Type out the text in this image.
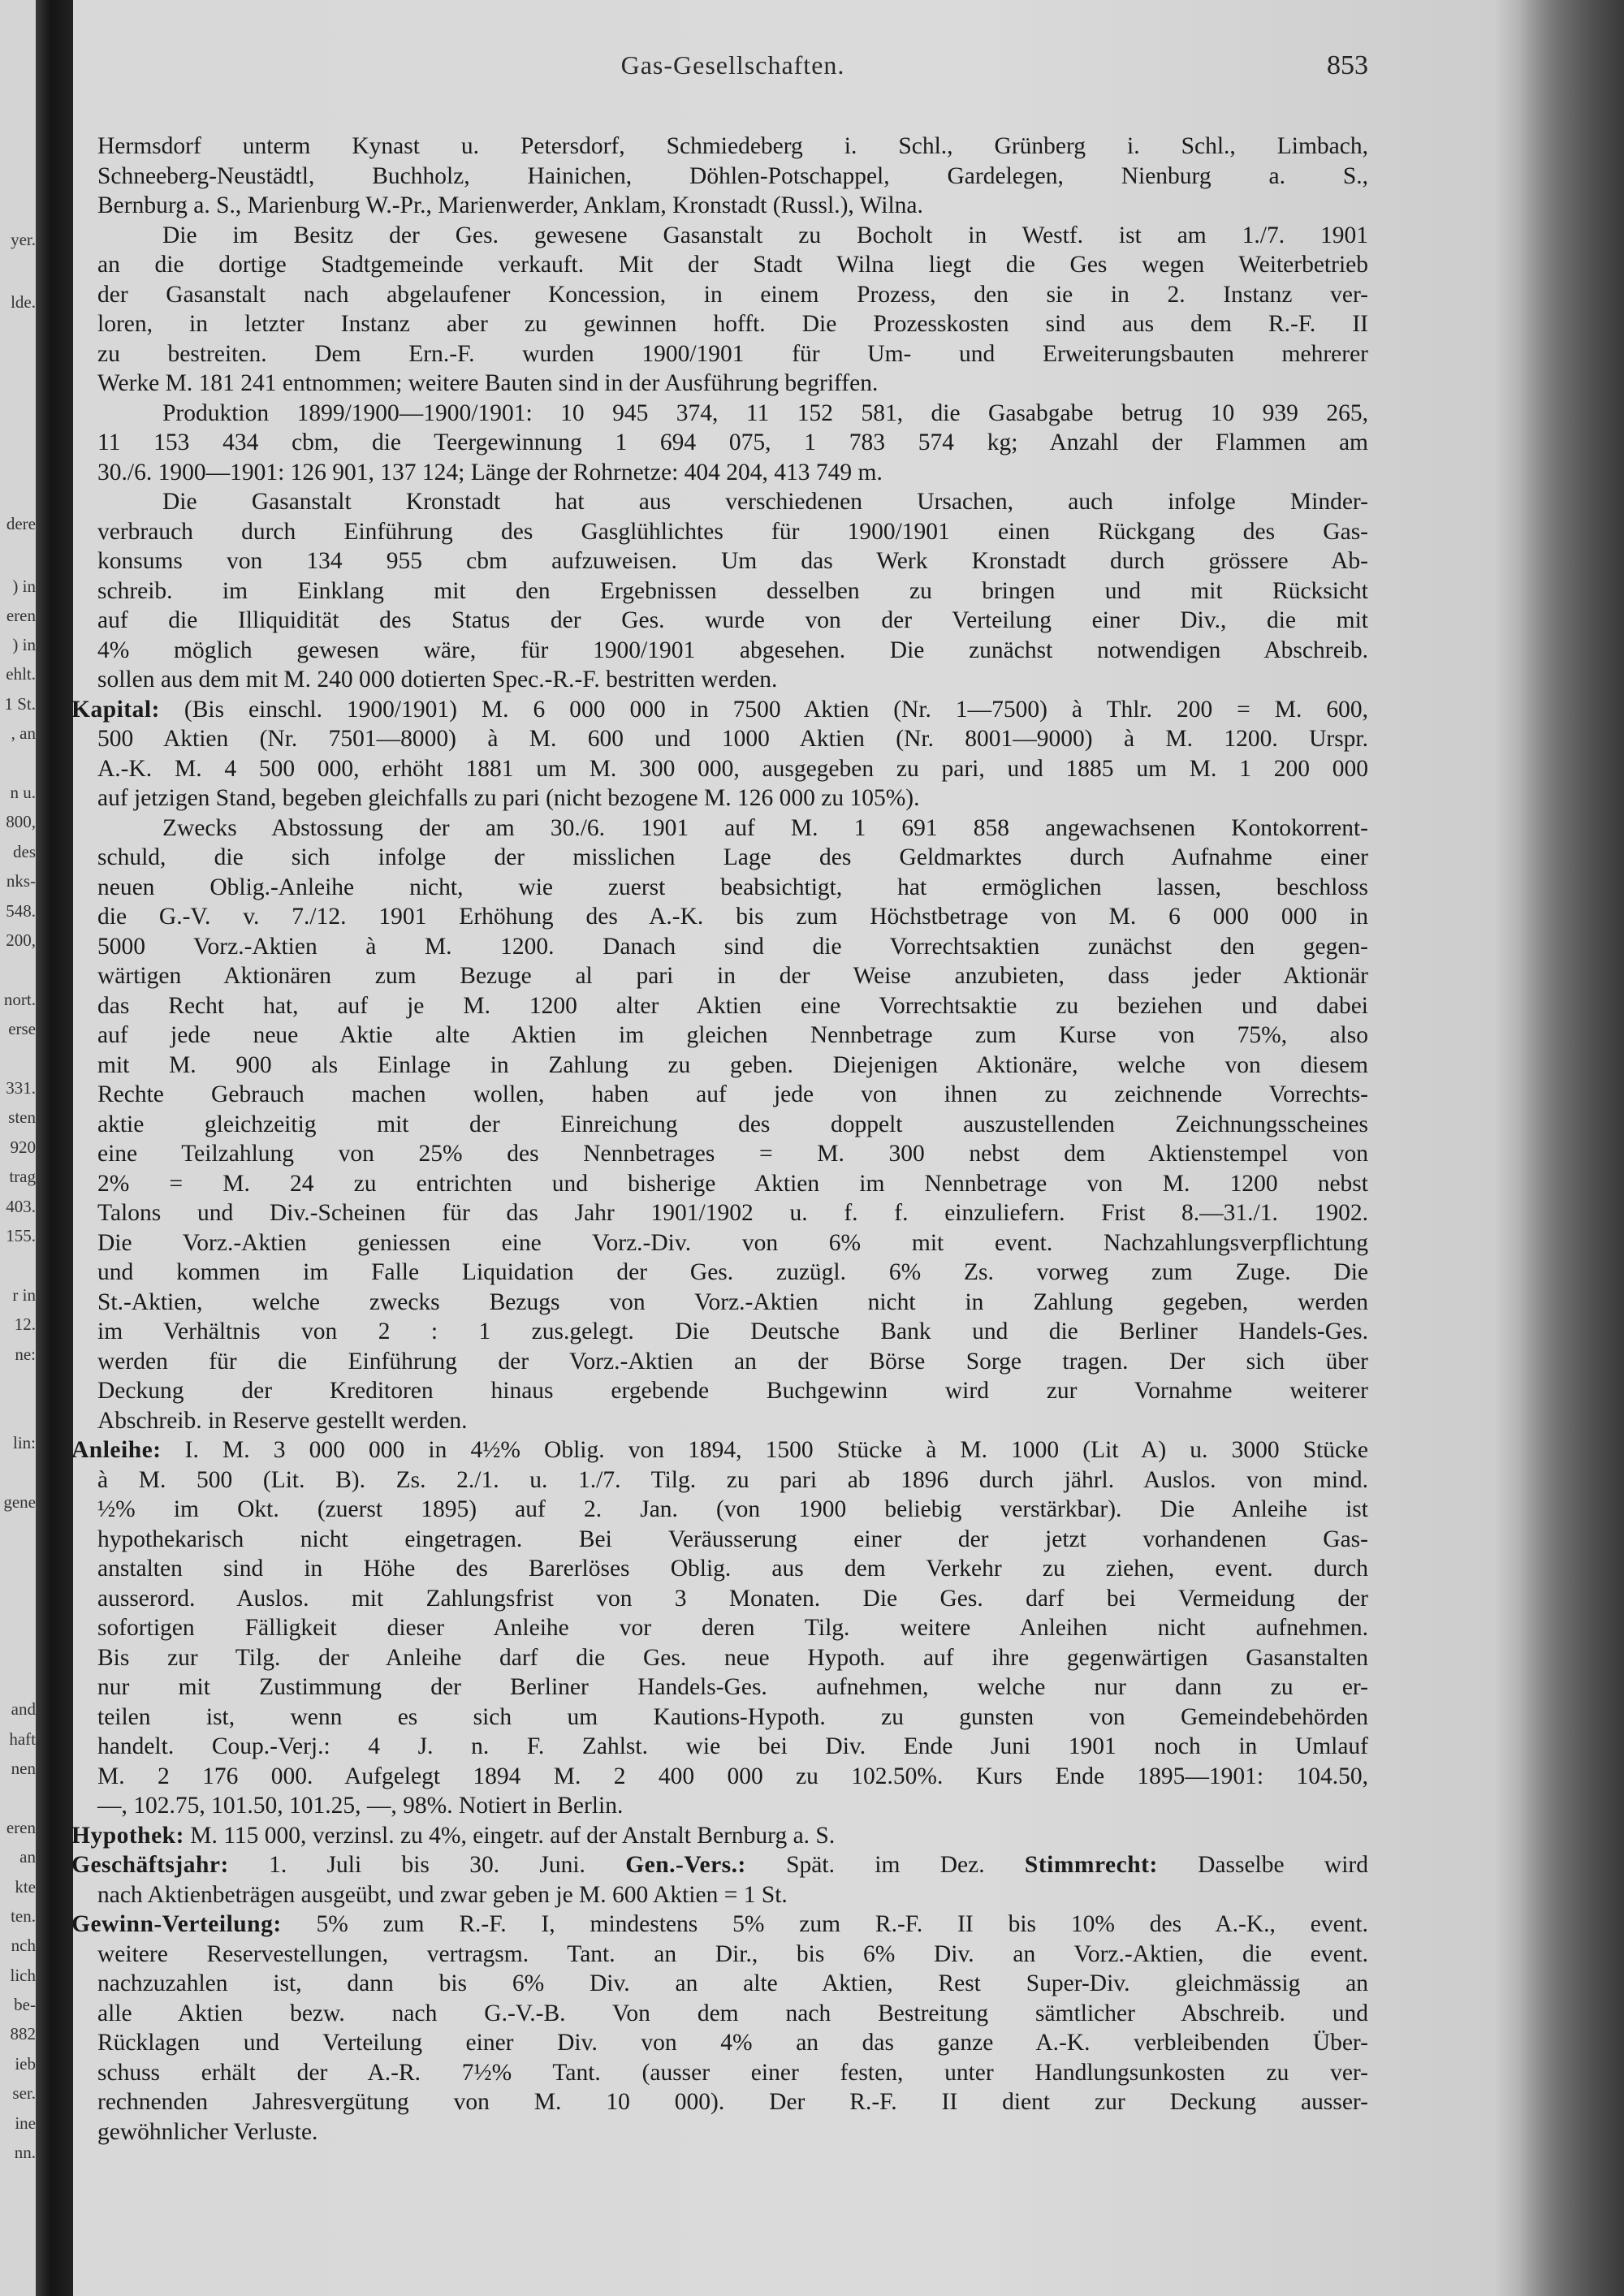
yer.
lde.
dere
) in
eren
) in
ehlt.
1 St.
, an
n u.
800,
des
nks-
548.
200,
nort.
erse
331.
sten
920
trag
403.
155.
r in
12.
ne:
lin:
gene
and
haft
nen
eren
an
kte
ten.
nch
lich
be-
882
ieb
ser.
ine
nn.
Gas-Gesellschaften.	853
Hermsdorf unterm Kynast u. Petersdorf, Schmiedeberg i. Schl., Grünberg i. Schl., Limbach,
Schneeberg-Neustädtl, Buchholz, Hainichen, Döhlen-Potschappel, Gardelegen, Nienburg a. S.,
Bernburg a. S., Marienburg W.-Pr., Marienwerder, Anklam, Kronstadt (Russl.), Wilna.
Die im Besitz der Ges. gewesene Gasanstalt zu Bocholt in Westf. ist am 1./7. 1901
an die dortige Stadtgemeinde verkauft. Mit der Stadt Wilna liegt die Ges wegen Weiterbetrieb
der Gasanstalt nach abgelaufener Koncession, in einem Prozess, den sie in 2. Instanz ver-
loren, in letzter Instanz aber zu gewinnen hofft. Die Prozesskosten sind aus dem R.-F. II
zu bestreiten. Dem Ern.-F. wurden 1900/1901 für Um- und Erweiterungsbauten mehrerer
Werke M. 181 241 entnommen; weitere Bauten sind in der Ausführung begriffen.
Produktion 1899/1900—1900/1901: 10 945 374, 11 152 581, die Gasabgabe betrug 10 939 265,
11 153 434 cbm, die Teergewinnung 1 694 075, 1 783 574 kg; Anzahl der Flammen am
30./6. 1900—1901: 126 901, 137 124; Länge der Rohrnetze: 404 204, 413 749 m.
Die Gasanstalt Kronstadt hat aus verschiedenen Ursachen, auch infolge Minder-
verbrauch durch Einführung des Gasglühlichtes für 1900/1901 einen Rückgang des Gas-
konsums von 134 955 cbm aufzuweisen. Um das Werk Kronstadt durch grössere Ab-
schreib. im Einklang mit den Ergebnissen desselben zu bringen und mit Rücksicht
auf die Illiquidität des Status der Ges. wurde von der Verteilung einer Div., die mit
4% möglich gewesen wäre, für 1900/1901 abgesehen. Die zunächst notwendigen Abschreib.
sollen aus dem mit M. 240 000 dotierten Spec.-R.-F. bestritten werden.
Kapital: (Bis einschl. 1900/1901) M. 6 000 000 in 7500 Aktien (Nr. 1—7500) à Thlr. 200 = M. 600,
500 Aktien (Nr. 7501—8000) à M. 600 und 1000 Aktien (Nr. 8001—9000) à M. 1200. Urspr.
A.-K. M. 4 500 000, erhöht 1881 um M. 300 000, ausgegeben zu pari, und 1885 um M. 1 200 000
auf jetzigen Stand, begeben gleichfalls zu pari (nicht bezogene M. 126 000 zu 105%).
Zwecks Abstossung der am 30./6. 1901 auf M. 1 691 858 angewachsenen Kontokorrent-
schuld, die sich infolge der misslichen Lage des Geldmarktes durch Aufnahme einer
neuen Oblig.-Anleihe nicht, wie zuerst beabsichtigt, hat ermöglichen lassen, beschloss
die G.-V. v. 7./12. 1901 Erhöhung des A.-K. bis zum Höchstbetrage von M. 6 000 000 in
5000 Vorz.-Aktien à M. 1200. Danach sind die Vorrechtsaktien zunächst den gegen-
wärtigen Aktionären zum Bezuge al pari in der Weise anzubieten, dass jeder Aktionär
das Recht hat, auf je M. 1200 alter Aktien eine Vorrechtsaktie zu beziehen und dabei
auf jede neue Aktie alte Aktien im gleichen Nennbetrage zum Kurse von 75%, also
mit M. 900 als Einlage in Zahlung zu geben. Diejenigen Aktionäre, welche von diesem
Rechte Gebrauch machen wollen, haben auf jede von ihnen zu zeichnende Vorrechts-
aktie gleichzeitig mit der Einreichung des doppelt auszustellenden Zeichnungsscheines
eine Teilzahlung von 25% des Nennbetrages = M. 300 nebst dem Aktienstempel von
2% = M. 24 zu entrichten und bisherige Aktien im Nennbetrage von M. 1200 nebst
Talons und Div.-Scheinen für das Jahr 1901/1902 u. f. f. einzuliefern. Frist 8.—31./1. 1902.
Die Vorz.-Aktien geniessen eine Vorz.-Div. von 6% mit event. Nachzahlungsverpflichtung
und kommen im Falle Liquidation der Ges. zuzügl. 6% Zs. vorweg zum Zuge. Die
St.-Aktien, welche zwecks Bezugs von Vorz.-Aktien nicht in Zahlung gegeben, werden
im Verhältnis von 2 : 1 zus.gelegt. Die Deutsche Bank und die Berliner Handels-Ges.
werden für die Einführung der Vorz.-Aktien an der Börse Sorge tragen. Der sich über
Deckung der Kreditoren hinaus ergebende Buchgewinn wird zur Vornahme weiterer
Abschreib. in Reserve gestellt werden.
Anleihe: I. M. 3 000 000 in 4½% Oblig. von 1894, 1500 Stücke à M. 1000 (Lit A) u. 3000 Stücke
à M. 500 (Lit. B). Zs. 2./1. u. 1./7. Tilg. zu pari ab 1896 durch jährl. Auslos. von mind.
½% im Okt. (zuerst 1895) auf 2. Jan. (von 1900 beliebig verstärkbar). Die Anleihe ist
hypothekarisch nicht eingetragen. Bei Veräusserung einer der jetzt vorhandenen Gas-
anstalten sind in Höhe des Barerlöses Oblig. aus dem Verkehr zu ziehen, event. durch
ausserord. Auslos. mit Zahlungsfrist von 3 Monaten. Die Ges. darf bei Vermeidung der
sofortigen Fälligkeit dieser Anleihe vor deren Tilg. weitere Anleihen nicht aufnehmen.
Bis zur Tilg. der Anleihe darf die Ges. neue Hypoth. auf ihre gegenwärtigen Gasanstalten
nur mit Zustimmung der Berliner Handels-Ges. aufnehmen, welche nur dann zu er-
teilen ist, wenn es sich um Kautions-Hypoth. zu gunsten von Gemeindebehörden
handelt. Coup.-Verj.: 4 J. n. F. Zahlst. wie bei Div. Ende Juni 1901 noch in Umlauf
M. 2 176 000. Aufgelegt 1894 M. 2 400 000 zu 102.50%. Kurs Ende 1895—1901: 104.50,
—, 102.75, 101.50, 101.25, —, 98%. Notiert in Berlin.
Hypothek: M. 115 000, verzinsl. zu 4%, eingetr. auf der Anstalt Bernburg a. S.
Geschäftsjahr: 1. Juli bis 30. Juni. Gen.-Vers.: Spät. im Dez. Stimmrecht: Dasselbe wird
nach Aktienbeträgen ausgeübt, und zwar geben je M. 600 Aktien = 1 St.
Gewinn-Verteilung: 5% zum R.-F. I, mindestens 5% zum R.-F. II bis 10% des A.-K., event.
weitere Reservestellungen, vertragsm. Tant. an Dir., bis 6% Div. an Vorz.-Aktien, die event.
nachzuzahlen ist, dann bis 6% Div. an alte Aktien, Rest Super-Div. gleichmässig an
alle Aktien bezw. nach G.-V.-B. Von dem nach Bestreitung sämtlicher Abschreib. und
Rücklagen und Verteilung einer Div. von 4% an das ganze A.-K. verbleibenden Über-
schuss erhält der A.-R. 7½% Tant. (ausser einer festen, unter Handlungsunkosten zu ver-
rechnenden Jahresvergütung von M. 10 000). Der R.-F. II dient zur Deckung ausser-
gewöhnlicher Verluste.
